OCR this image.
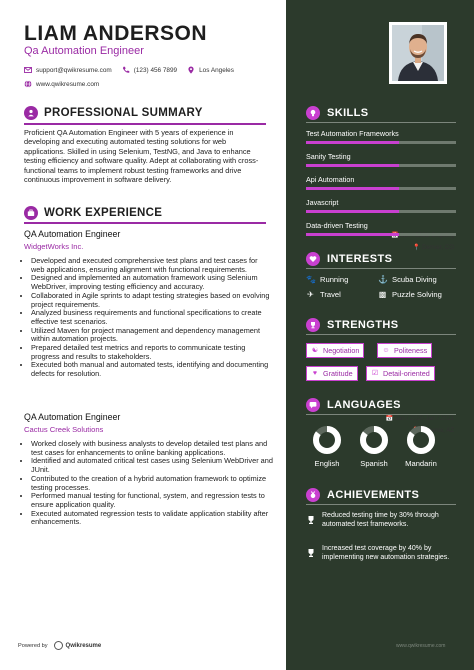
LIAM ANDERSON
Qa Automation Engineer
support@qwikresume.com	(123) 456 7899	Los Angeles
www.qwikresume.com
PROFESSIONAL SUMMARY
Proficient QA Automation Engineer with 5 years of experience in developing and executing automated testing solutions for web applications. Skilled in using Selenium, TestNG, and Java to enhance testing efficiency and software quality. Adept at collaborating with cross-functional teams to implement robust testing frameworks and drive continuous improvement in software delivery.
WORK EXPERIENCE
QA Automation Engineer
WidgetWorks Inc.	📍 Denver, CO
• Developed and executed comprehensive test plans and test cases for web applications, ensuring alignment with functional requirements.
• Designed and implemented an automation framework using Selenium WebDriver, improving testing efficiency and accuracy.
• Collaborated in Agile sprints to adapt testing strategies based on evolving project requirements.
• Analyzed business requirements and functional specifications to create effective test scenarios.
• Utilized Maven for project management and dependency management within automation projects.
• Prepared detailed test metrics and reports to communicate testing progress and results to stakeholders.
• Executed both manual and automated tests, identifying and documenting defects for resolution.
QA Automation Engineer	📅 Jan / 2020-Jan / 2021
Cactus Creek Solutions	📍 Phoenix, AZ
• Worked closely with business analysts to develop detailed test plans and test cases for enhancements to online banking applications.
• Identified and automated critical test cases using Selenium WebDriver and JUnit.
• Contributed to the creation of a hybrid automation framework to optimize testing processes.
• Performed manual testing for functional, system, and regression tests to ensure application quality.
• Executed automated regression tests to validate application stability after enhancements.
Powered by	Qwikresume
SKILLS
Test Automation Frameworks
Sanity Testing
Api Automation
Javascript
Data-driven Testing
INTERESTS
🐾 Running	⚓ Scuba Diving
✈ Travel	▩ Puzzle Solving
STRENGTHS
☯ Negotiation	☺ Politeness
♥ Gratitude	☑ Detail-oriented
LANGUAGES
English	Spanish	Mandarin
ACHIEVEMENTS
Reduced testing time by 30% through automated test frameworks.
Increased test coverage by 40% by implementing new automation strategies.
www.qwikresume.com
